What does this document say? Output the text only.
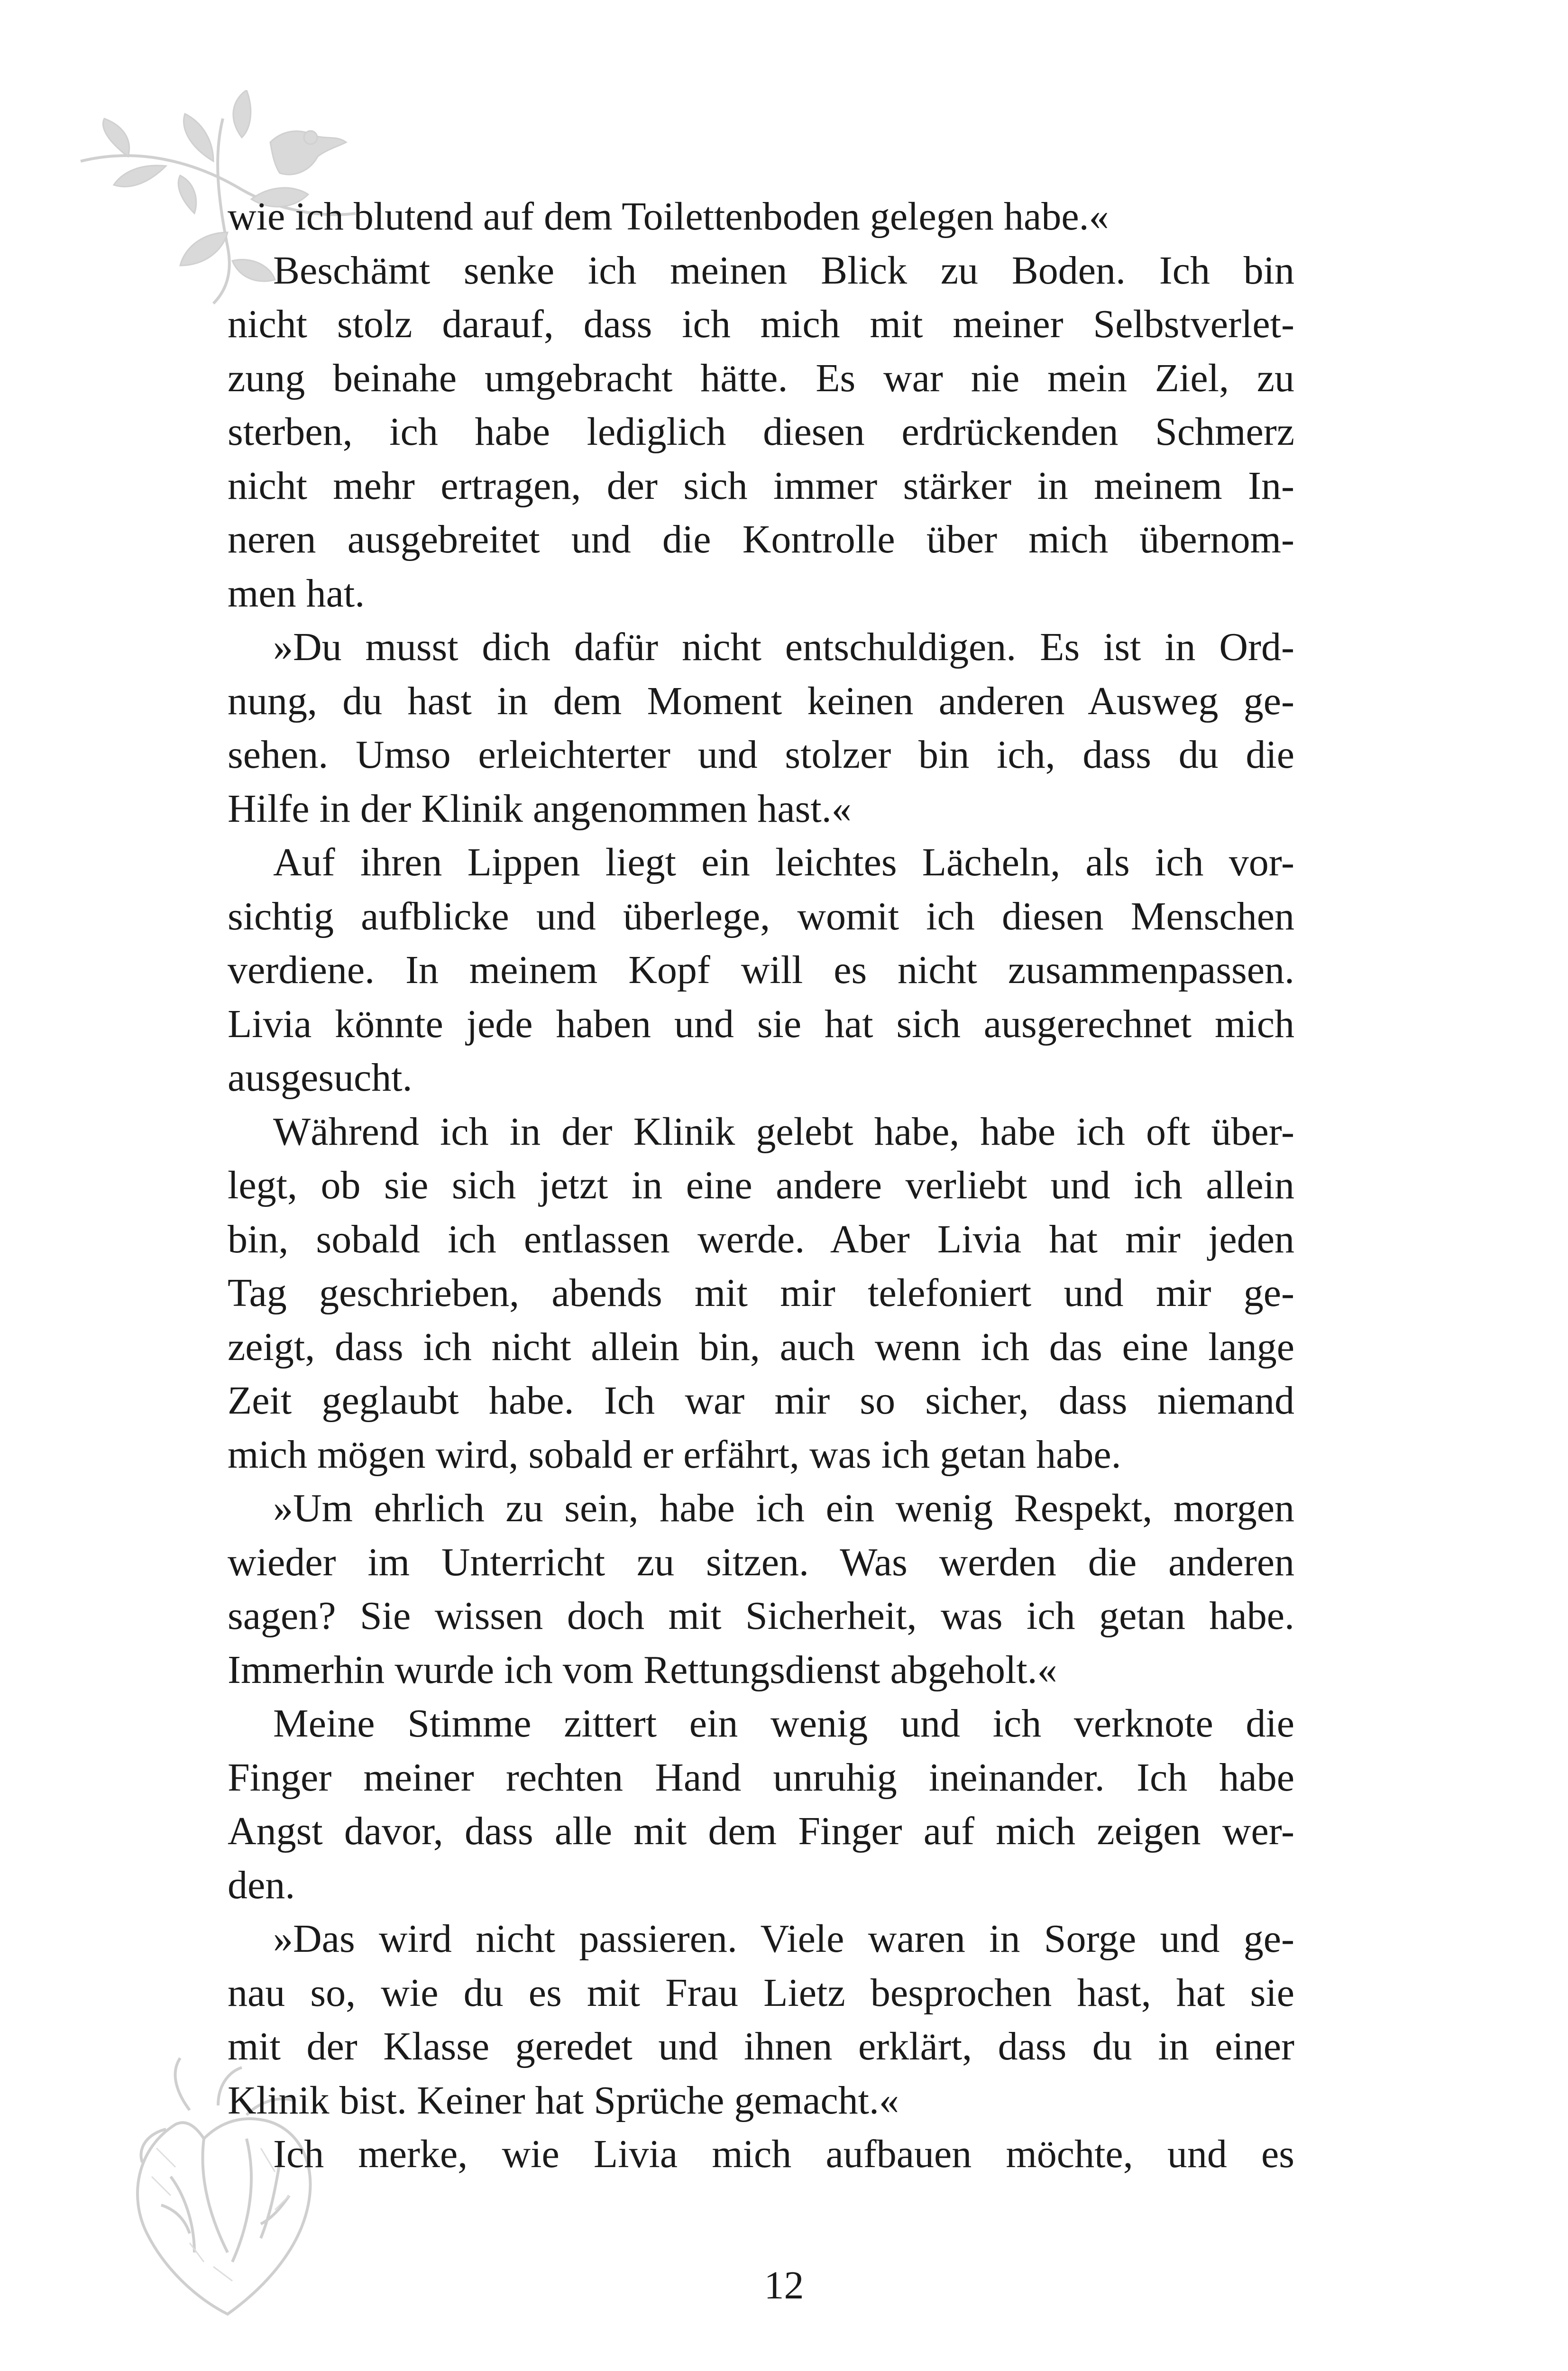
wie ich blutend auf dem Toilettenboden gelegen habe.«
Beschämt senke ich meinen Blick zu Boden. Ich bin
nicht stolz darauf, dass ich mich mit meiner Selbstverlet-
zung beinahe umgebracht hätte. Es war nie mein Ziel, zu
sterben, ich habe lediglich diesen erdrückenden Schmerz
nicht mehr ertragen, der sich immer stärker in meinem In-
neren ausgebreitet und die Kontrolle über mich übernom-
men hat.
»Du musst dich dafür nicht entschuldigen. Es ist in Ord-
nung, du hast in dem Moment keinen anderen Ausweg ge-
sehen. Umso erleichterter und stolzer bin ich, dass du die
Hilfe in der Klinik angenommen hast.«
Auf ihren Lippen liegt ein leichtes Lächeln, als ich vor-
sichtig aufblicke und überlege, womit ich diesen Menschen
verdiene. In meinem Kopf will es nicht zusammenpassen.
Livia könnte jede haben und sie hat sich ausgerechnet mich
ausgesucht.
Während ich in der Klinik gelebt habe, habe ich oft über-
legt, ob sie sich jetzt in eine andere verliebt und ich allein
bin, sobald ich entlassen werde. Aber Livia hat mir jeden
Tag geschrieben, abends mit mir telefoniert und mir ge-
zeigt, dass ich nicht allein bin, auch wenn ich das eine lange
Zeit geglaubt habe. Ich war mir so sicher, dass niemand
mich mögen wird, sobald er erfährt, was ich getan habe.
»Um ehrlich zu sein, habe ich ein wenig Respekt, morgen
wieder im Unterricht zu sitzen. Was werden die anderen
sagen? Sie wissen doch mit Sicherheit, was ich getan habe.
Immerhin wurde ich vom Rettungsdienst abgeholt.«
Meine Stimme zittert ein wenig und ich verknote die
Finger meiner rechten Hand unruhig ineinander. Ich habe
Angst davor, dass alle mit dem Finger auf mich zeigen wer-
den.
»Das wird nicht passieren. Viele waren in Sorge und ge-
nau so, wie du es mit Frau Lietz besprochen hast, hat sie
mit der Klasse geredet und ihnen erklärt, dass du in einer
Klinik bist. Keiner hat Sprüche gemacht.«
Ich merke, wie Livia mich aufbauen möchte, und es
12
